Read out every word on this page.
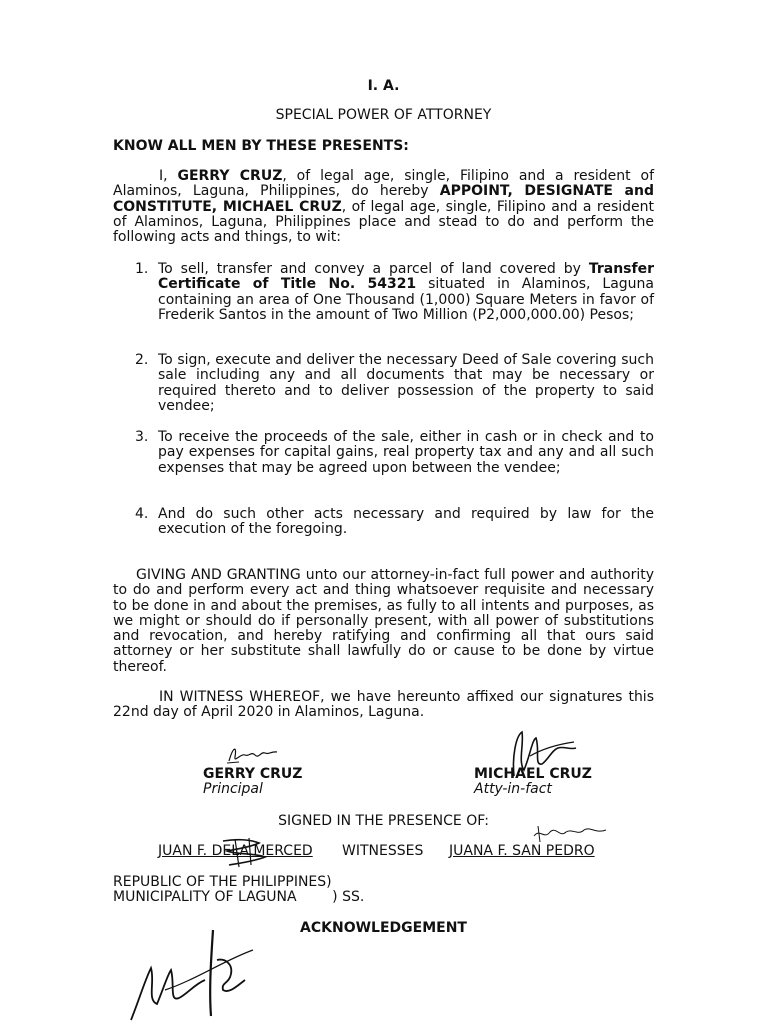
I. A.
SPECIAL POWER OF ATTORNEY
KNOW ALL MEN BY THESE PRESENTS:
I, GERRY CRUZ, of legal age, single, Filipino and a resident of Alaminos, Laguna, Philippines, do hereby APPOINT, DESIGNATE and CONSTITUTE, MICHAEL CRUZ, of legal age, single, Filipino and a resident of Alaminos, Laguna, Philippines place and stead to do and perform the following acts and things, to wit:
1. To sell, transfer and convey a parcel of land covered by Transfer Certificate of Title No. 54321 situated in Alaminos, Laguna containing an area of One Thousand (1,000) Square Meters in favor of Frederik Santos in the amount of Two Million (P2,000,000.00) Pesos;
2. To sign, execute and deliver the necessary Deed of Sale covering such sale including any and all documents that may be necessary or required thereto and to deliver possession of the property to said vendee;
3. To receive the proceeds of the sale, either in cash or in check and to pay expenses for capital gains, real property tax and any and all such expenses that may be agreed upon between the vendee;
4. And do such other acts necessary and required by law for the execution of the foregoing.
GIVING AND GRANTING unto our attorney-in-fact full power and authority to do and perform every act and thing whatsoever requisite and necessary to be done in and about the premises, as fully to all intents and purposes, as we might or should do if personally present, with all power of substitutions and revocation, and hereby ratifying and confirming all that ours said attorney or her substitute shall lawfully do or cause to be done by virtue thereof.
IN WITNESS WHEREOF, we have hereunto affixed our signatures this 22nd day of April 2020 in Alaminos, Laguna.
GERRY CRUZ
Principal
MICHAEL CRUZ
Atty-in-fact
SIGNED IN THE PRESENCE OF:
JUAN F. DELA MERCED WITNESSES JUANA F. SAN PEDRO
REPUBLIC OF THE PHILIPPINES)
MUNICIPALITY OF LAGUNA        ) SS.
ACKNOWLEDGEMENT
